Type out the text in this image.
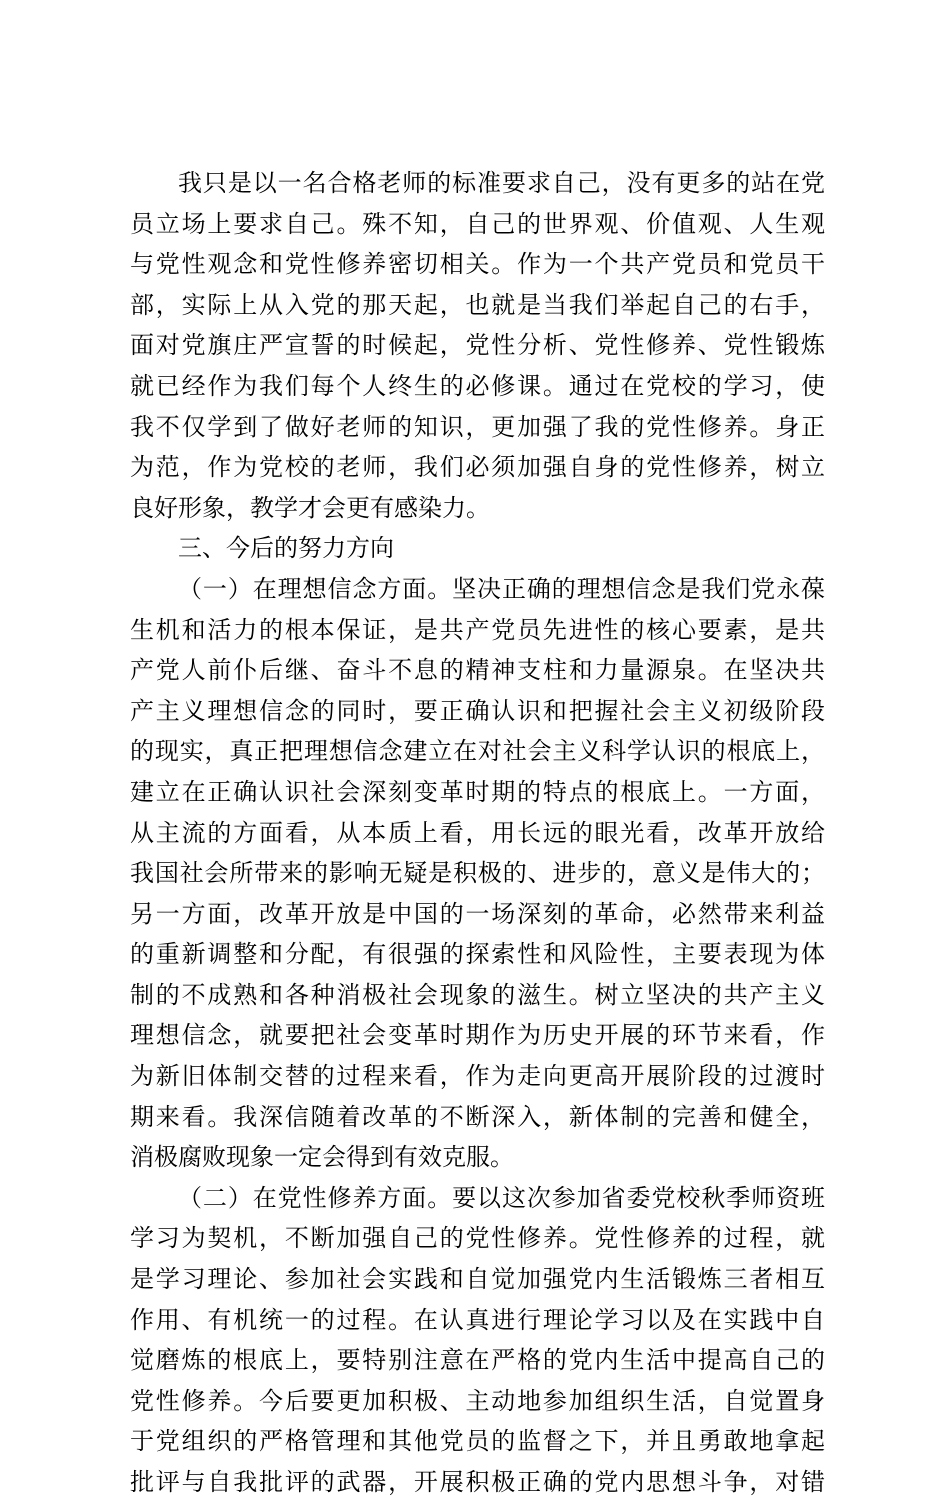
我只是以一名合格老师的标准要求自己，没有更多的站在党
员立场上要求自己。殊不知，自己的世界观、价值观、人生观
与党性观念和党性修养密切相关。作为一个共产党员和党员干
部，实际上从入党的那天起，也就是当我们举起自己的右手，
面对党旗庄严宣誓的时候起，党性分析、党性修养、党性锻炼
就已经作为我们每个人终生的必修课。通过在党校的学习，使
我不仅学到了做好老师的知识，更加强了我的党性修养。身正
为范，作为党校的老师，我们必须加强自身的党性修养，树立
良好形象，教学才会更有感染力。
三、今后的努力方向
（一）在理想信念方面。坚决正确的理想信念是我们党永葆
生机和活力的根本保证，是共产党员先进性的核心要素，是共
产党人前仆后继、奋斗不息的精神支柱和力量源泉。在坚决共
产主义理想信念的同时，要正确认识和把握社会主义初级阶段
的现实，真正把理想信念建立在对社会主义科学认识的根底上，
建立在正确认识社会深刻变革时期的特点的根底上。一方面，
从主流的方面看，从本质上看，用长远的眼光看，改革开放给
我国社会所带来的影响无疑是积极的、进步的，意义是伟大的；
另一方面，改革开放是中国的一场深刻的革命，必然带来利益
的重新调整和分配，有很强的探索性和风险性，主要表现为体
制的不成熟和各种消极社会现象的滋生。树立坚决的共产主义
理想信念，就要把社会变革时期作为历史开展的环节来看，作
为新旧体制交替的过程来看，作为走向更高开展阶段的过渡时
期来看。我深信随着改革的不断深入，新体制的完善和健全，
消极腐败现象一定会得到有效克服。
（二）在党性修养方面。要以这次参加省委党校秋季师资班
学习为契机，不断加强自己的党性修养。党性修养的过程，就
是学习理论、参加社会实践和自觉加强党内生活锻炼三者相互
作用、有机统一的过程。在认真进行理论学习以及在实践中自
觉磨炼的根底上，要特别注意在严格的党内生活中提高自己的
党性修养。今后要更加积极、主动地参加组织生活，自觉置身
于党组织的严格管理和其他党员的监督之下，并且勇敢地拿起
批评与自我批评的武器，开展积极正确的党内思想斗争，对错
